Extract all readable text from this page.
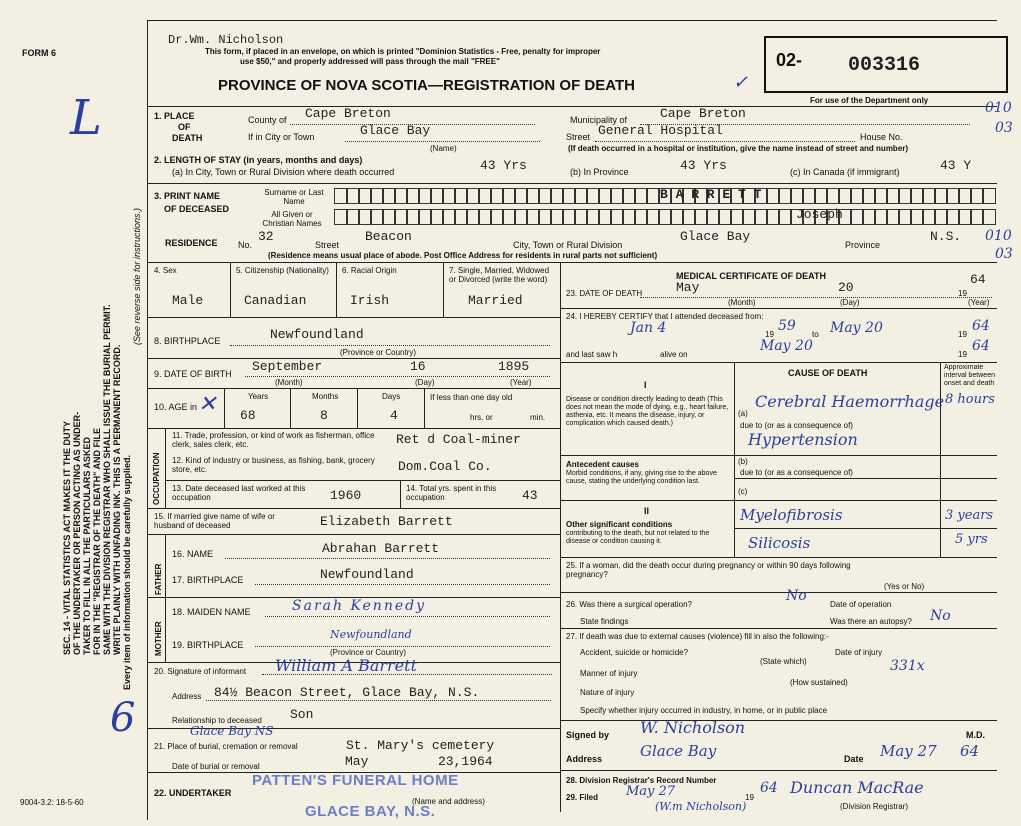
FORM 6
L
6
SEC. 14 - VITAL STATISTICS ACT MAKES IT THE DUTY OF THE UNDERTAKER OR PERSON ACTING AS UNDER- TAKER TO FILL IN ALL THE PARTICULARS ASKED FOR IN THE "REGISTRAR OF THE DEATH" AND FILE SAME WITH THE DIVISION REGISTRAR WHO SHALL ISSUE THE BURIAL PERMIT. WRITE PLAINLY WITH UNFADING INK. THIS IS A PERMANENT RECORD. Every item of information should be carefully supplied.
(See reverse side for instructions.)
9004-3.2: 18-5-60
Dr.Wm. Nicholson
This form, if placed in an envelope, on which is printed "Dominion Statistics - Free, penalty for improper
use $50," and properly addressed will pass through the mail "FREE"
PROVINCE OF NOVA SCOTIA—REGISTRATION OF DEATH	✓
02- 003316
For use of the Department only
1. PLACE
OF
DEATH
County of Cape Breton	Municipality of	Cape Breton
If in City or Town	Glace Bay	Street General Hospital	House No.
(Name)	(If death occurred in a hospital or institution, give the name instead of street and number)
010
03
2. LENGTH OF STAY (in years, months and days)
(a) In City, Town or Rural Division where death occurred	43 Yrs	(b) In Province	43 Yrs	(c) In Canada (if immigrant)	43 Y
3. PRINT NAME
OF DECEASED
Surname or Last Name
All Given or Christian Names
B A R R E T T
Joseph
RESIDENCE No.
32
Street
Beacon
City, Town or Rural Division
Glace Bay
Province
N.S.
(Residence means usual place of abode. Post Office Address for residents in rural parts not sufficient)
010
03
4. Sex
Male
5. Citizenship (Nationality)
Canadian
6. Racial Origin
Irish
7. Single, Married, Widowed or Divorced (write the word)
Married
8. BIRTHPLACE	Newfoundland
(Province or Country)
9. DATE OF BIRTH September	16	1895
(Month)	(Day)	(Year)
10. AGE in ✕	Years	Months	Days
68	8	4
If less than one day old
hrs. or	min.
OCCUPATION
11. Trade, profession, or kind of work as fisherman, office clerk, sales clerk, etc.	Ret d Coal-miner
12. Kind of industry or business, as fishing, bank, grocery store, etc.	Dom.Coal Co.
13. Date deceased last worked at this occupation	1960	14. Total yrs. spent in this occupation	43
15. If married give name of wife or husband of deceased	Elizabeth Barrett
FATHER
16. NAME	Abrahan Barrett
17. BIRTHPLACE	Newfoundland
MOTHER
18. MAIDEN NAME	Sarah Kennedy
19. BIRTHPLACE
Newfoundland
(Province or Country)
20. Signature of informant William A Barrett
Address 84½ Beacon Street, Glace Bay, N.S.
Relationship to deceased Son
Glace Bay NS
21. Place of burial, cremation or removal	St. Mary's cemetery
Date of burial or removal	May	23,1964
22. UNDERTAKER
PATTEN'S FUNERAL HOME
GLACE BAY, N.S.
(Name and address)
MEDICAL CERTIFICATE OF DEATH
23. DATE OF DEATH	May	20	19
64
(Month)	(Day)	(Year)
24. I HEREBY CERTIFY that I attended deceased from:
Jan 4	19
59
to May 20	19
64
and last saw h	alive on
May 20
19
64
CAUSE OF DEATH
Approximate interval between onset and death
I
Disease or condition directly leading to death (This does not mean the mode of dying, e.g., heart failure, asthenia, etc. It means the disease, injury, or complication which caused death.)
(a)
Cerebral Haemorrhage 8 hours
due to (or as a consequence of)
Hypertension
Antecedent causes
Morbid conditions, if any, giving rise to the above cause, stating the underlying condition last.
(b)
due to (or as a consequence of)
(c)
II
Other significant conditions
contributing to the death, but not related to the disease or condition causing it.
Myelofibrosis	3 years
Silicosis	5 yrs
25. If a woman, did the death occur during pregnancy or within 90 days following pregnancy?
(Yes or No)
26. Was there a surgical operation?
No
Date of operation
State findings	Was there an autopsy? No
27. If death was due to external causes (violence) fill in also the following:-
Accident, suicide or homicide?	Date of injury
(State which)
Manner of injury	331x
(How sustained)
Nature of injury
Specify whether injury occurred in industry, in home, or in public place
Signed by W. Nicholson	M.D.
Address	Glace Bay	Date May 27 64
28. Division Registrar's Record Number
29. Filed May 27	19
64 Duncan MacRae
(W.m Nicholson)	(Division Registrar)
